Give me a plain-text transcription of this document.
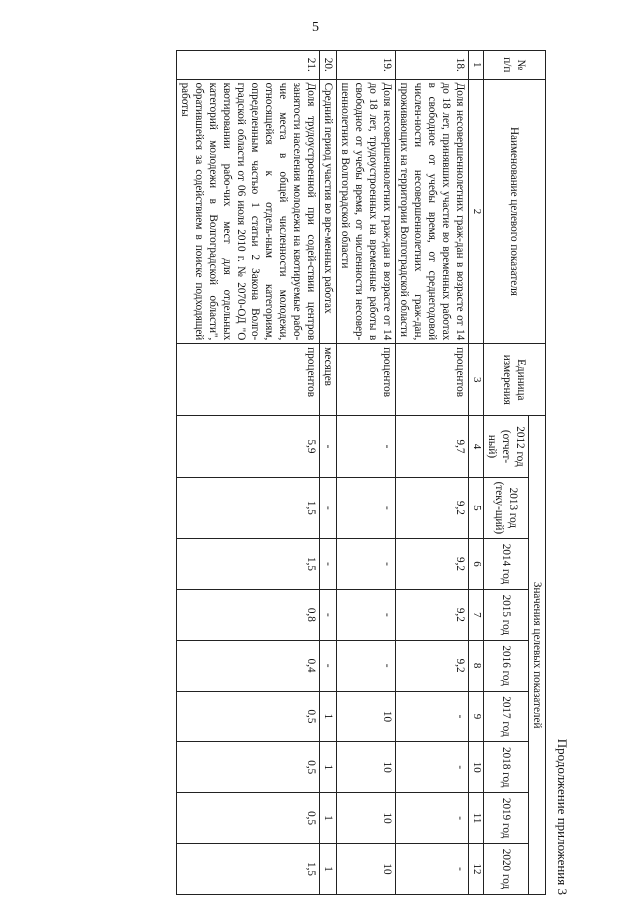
5
Продолжение приложения 3
№ п/п	Наименование целевого показателя	Единица измерения	Значения целевых показателей								
			2012 год (отчет-ный)	2013 год (теку-щий)	2014 год	2015 год	2016 год	2017 год	2018 год	2019 год	2020 год
1	2	3	4	5	6	7	8	9	10	11	12
18.	Доля несовершеннолетних граж-дан в возрасте от 14 до 18 лет, принявших участие во временных работах в свободное от учебы время, от среднегодовой числен-ности несовершеннолетних граж-дан, проживающих на территории Волгоградской области	процентов	9,7	9,2	9,2	9,2	9,2	-	-	-	-
19.	Доля несовершеннолетних граж-дан в возрасте от 14 до 18 лет, трудоустроенных на временные работы в свободное от учебы время, от численности несовер-шеннолетних в Волгоградской области	процентов	-	-	-	-	-	10	10	10	10
20.	Средний период участия во вре-менных работах	месяцев	-	-	-	-	-	1	1	1	1
21.	Доля трудоустроенной при содей-ствии центров занятости населения молодежи на квотируемые рабо-чие места в общей численности молодежи, относящейся к отдель-ным категориям, определенным частью 1 статьи 2 Закона Волго-градской области от 06 июля 2010 г. № 2070-ОД "О квотировании рабо-чих мест для отдельных категорий молодежи в Волгоградской области", обратившейся за содействием в поиске подходящей работы	процентов	5,9	1,5	1,5	0,8	0,4	0,5	0,5	0,5	1,5
